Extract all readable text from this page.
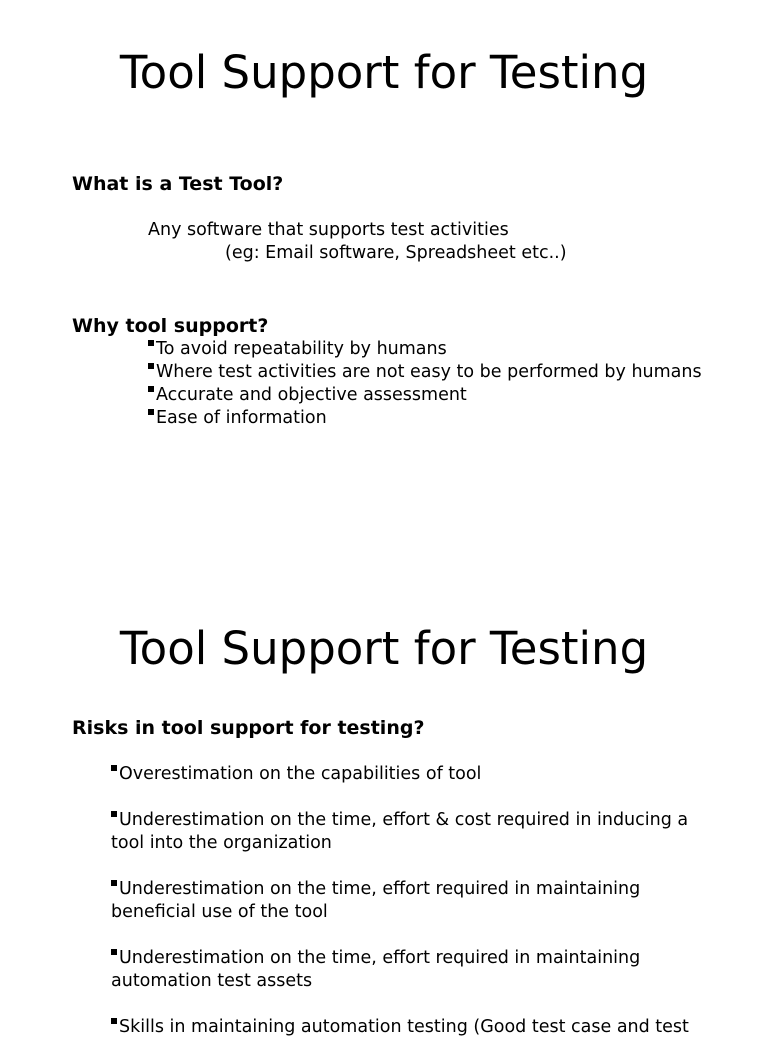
Tool Support for Testing
What is a Test Tool?

Any software that supports test activities

(eg: Email software, Spreadsheet etc..)

Why tool support?
To avoid repeatability by humans
Where test activities are not easy to be performed by humans
Accurate and objective assessment
Ease of information
Tool Support for Testing
Risks in tool support for testing?
Overestimation on the capabilities of tool
Underestimation on the time, effort & cost required in inducing a tool into the organization
Underestimation on the time, effort required in maintaining beneficial use of the tool
Underestimation on the time, effort required in maintaining automation test assets
Skills in maintaining automation testing (Good test case and test
